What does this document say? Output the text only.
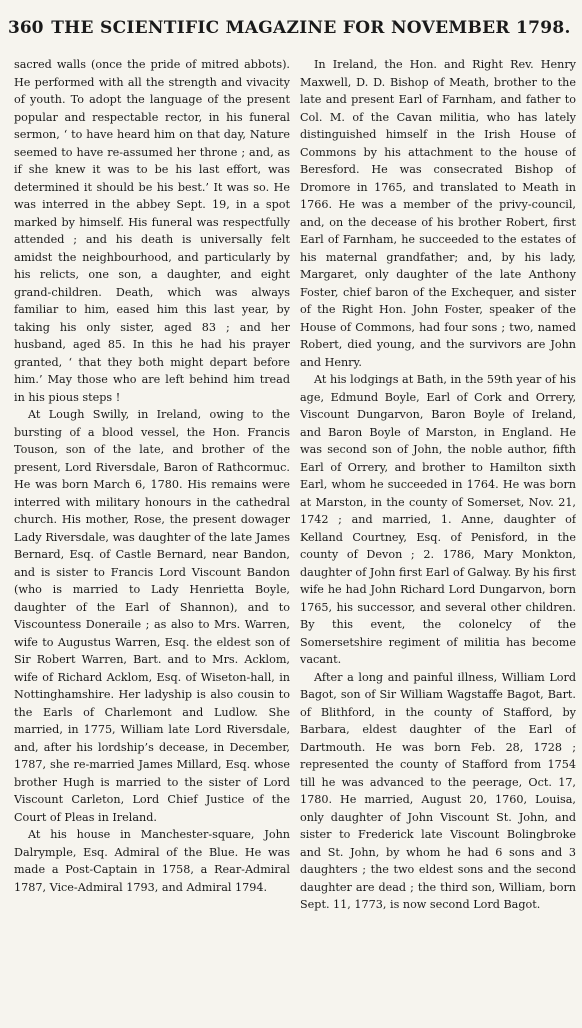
360 THE SCIENTIFIC MAGAZINE FOR NOVEMBER 1798.

sacred walls (once the pride of mitred abbots). He performed with all the strength and vivacity of youth. To adopt the language of the present popular and respectable rector, in his funeral sermon, ‘ to have heard him on that day, Nature seemed to have re-assumed her throne ; and, as if she knew it was to be his last effort, was determined it should be his best.’ It was so. He was interred in the abbey Sept. 19, in a spot marked by himself. His funeral was respectfully attended ; and his death is universally felt amidst the neighbourhood, and particularly by his relicts, one son, a daughter, and eight grand-children. Death, which was always familiar to him, eased him this last year, by taking his only sister, aged 83 ; and her husband, aged 85. In this he had his prayer granted, ‘ that they both might depart before him.’ May those who are left behind him tread in his pious steps !

At Lough Swilly, in Ireland, owing to the bursting of a blood vessel, the Hon. Francis Touson, son of the late, and brother of the present, Lord Riversdale, Baron of Rathcormuc. He was born March 6, 1780. His remains were interred with military honours in the cathedral church. His mother, Rose, the present dowager Lady Riversdale, was daughter of the late James Bernard, Esq. of Castle Bernard, near Bandon, and is sister to Francis Lord Viscount Bandon (who is married to Lady Henrietta Boyle, daughter of the Earl of Shannon), and to Viscountess Doneraile ; as also to Mrs. Warren, wife to Augustus Warren, Esq. the eldest son of Sir Robert Warren, Bart. and to Mrs. Acklom, wife of Richard Acklom, Esq. of Wiseton-hall, in Nottinghamshire. Her ladyship is also cousin to the Earls of Charlemont and Ludlow. She married, in 1775, William late Lord Riversdale, and, after his lordship’s decease, in December, 1787, she re-married James Millard, Esq. whose brother Hugh is married to the sister of Lord Viscount Carleton, Lord Chief Justice of the Court of Pleas in Ireland.

At his house in Manchester-square, John Dalrymple, Esq. Admiral of the Blue. He was made a Post-Captain in 1758, a Rear-Admiral 1787, Vice-Admiral 1793, and Admiral 1794.

In Ireland, the Hon. and Right Rev. Henry Maxwell, D. D. Bishop of Meath, brother to the late and present Earl of Farnham, and father to Col. M. of the Cavan militia, who has lately distinguished himself in the Irish House of Commons by his attachment to the house of Beresford. He was consecrated Bishop of Dromore in 1765, and translated to Meath in 1766. He was a member of the privy-council, and, on the decease of his brother Robert, first Earl of Farnham, he succeeded to the estates of his maternal grandfather; and, by his lady, Margaret, only daughter of the late Anthony Foster, chief baron of the Exchequer, and sister of the Right Hon. John Foster, speaker of the House of Commons, had four sons ; two, named Robert, died young, and the survivors are John and Henry.

At his lodgings at Bath, in the 59th year of his age, Edmund Boyle, Earl of Cork and Orrery, Viscount Dungarvon, Baron Boyle of Ireland, and Baron Boyle of Marston, in England. He was second son of John, the noble author, fifth Earl of Orrery, and brother to Hamilton sixth Earl, whom he succeeded in 1764. He was born at Marston, in the county of Somerset, Nov. 21, 1742 ; and married, 1. Anne, daughter of Kelland Courtney, Esq. of Penisford, in the county of Devon ; 2. 1786, Mary Monkton, daughter of John first Earl of Galway. By his first wife he had John Richard Lord Dungarvon, born 1765, his successor, and several other children. By this event, the colonelcy of the Somersetshire regiment of militia has become vacant.

After a long and painful illness, William Lord Bagot, son of Sir William Wagstaffe Bagot, Bart. of Blithford, in the county of Stafford, by Barbara, eldest daughter of the Earl of Dartmouth. He was born Feb. 28, 1728 ; represented the county of Stafford from 1754 till he was advanced to the peerage, Oct. 17, 1780. He married, August 20, 1760, Louisa, only daughter of John Viscount St. John, and sister to Frederick late Viscount Bolingbroke and St. John, by whom he had 6 sons and 3 daughters ; the two eldest sons and the second daughter are dead ; the third son, William, born Sept. 11, 1773, is now second Lord Bagot.
